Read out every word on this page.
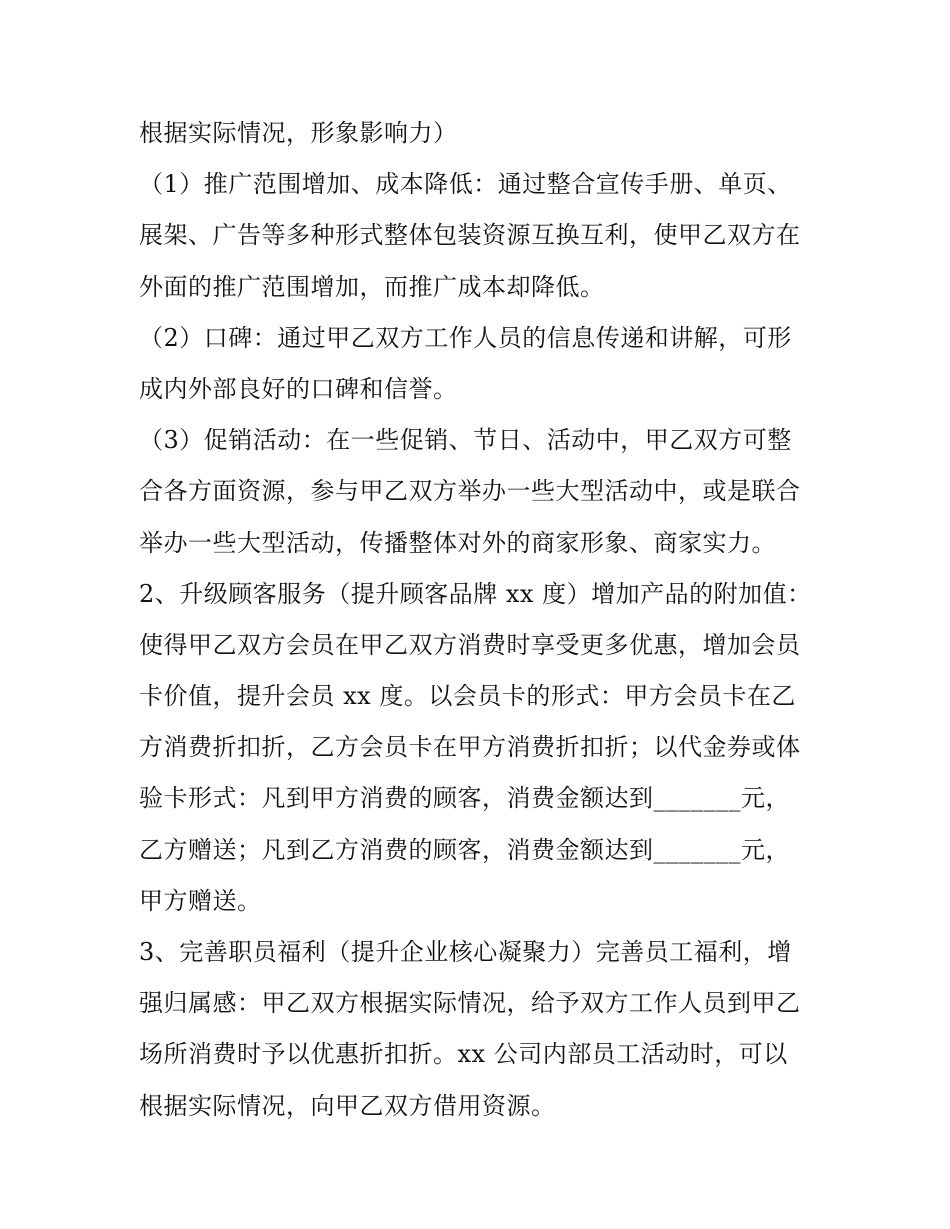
根据实际情况，形象影响力）
（1）推广范围增加、成本降低：通过整合宣传手册、单页、
展架、广告等多种形式整体包装资源互换互利，使甲乙双方在
外面的推广范围增加，而推广成本却降低。
（2）口碑：通过甲乙双方工作人员的信息传递和讲解，可形
成内外部良好的口碑和信誉。
（3）促销活动：在一些促销、节日、活动中，甲乙双方可整
合各方面资源，参与甲乙双方举办一些大型活动中，或是联合
举办一些大型活动，传播整体对外的商家形象、商家实力。
2、升级顾客服务（提升顾客品牌 xx 度）增加产品的附加值：
使得甲乙双方会员在甲乙双方消费时享受更多优惠，增加会员
卡价值，提升会员 xx 度。以会员卡的形式：甲方会员卡在乙
方消费折扣折，乙方会员卡在甲方消费折扣折；以代金券或体
验卡形式：凡到甲方消费的顾客，消费金额达到_______元，
乙方赠送；凡到乙方消费的顾客，消费金额达到_______元，
甲方赠送。
3、完善职员福利（提升企业核心凝聚力）完善员工福利，增
强归属感：甲乙双方根据实际情况，给予双方工作人员到甲乙
场所消费时予以优惠折扣折。xx 公司内部员工活动时，可以
根据实际情况，向甲乙双方借用资源。
